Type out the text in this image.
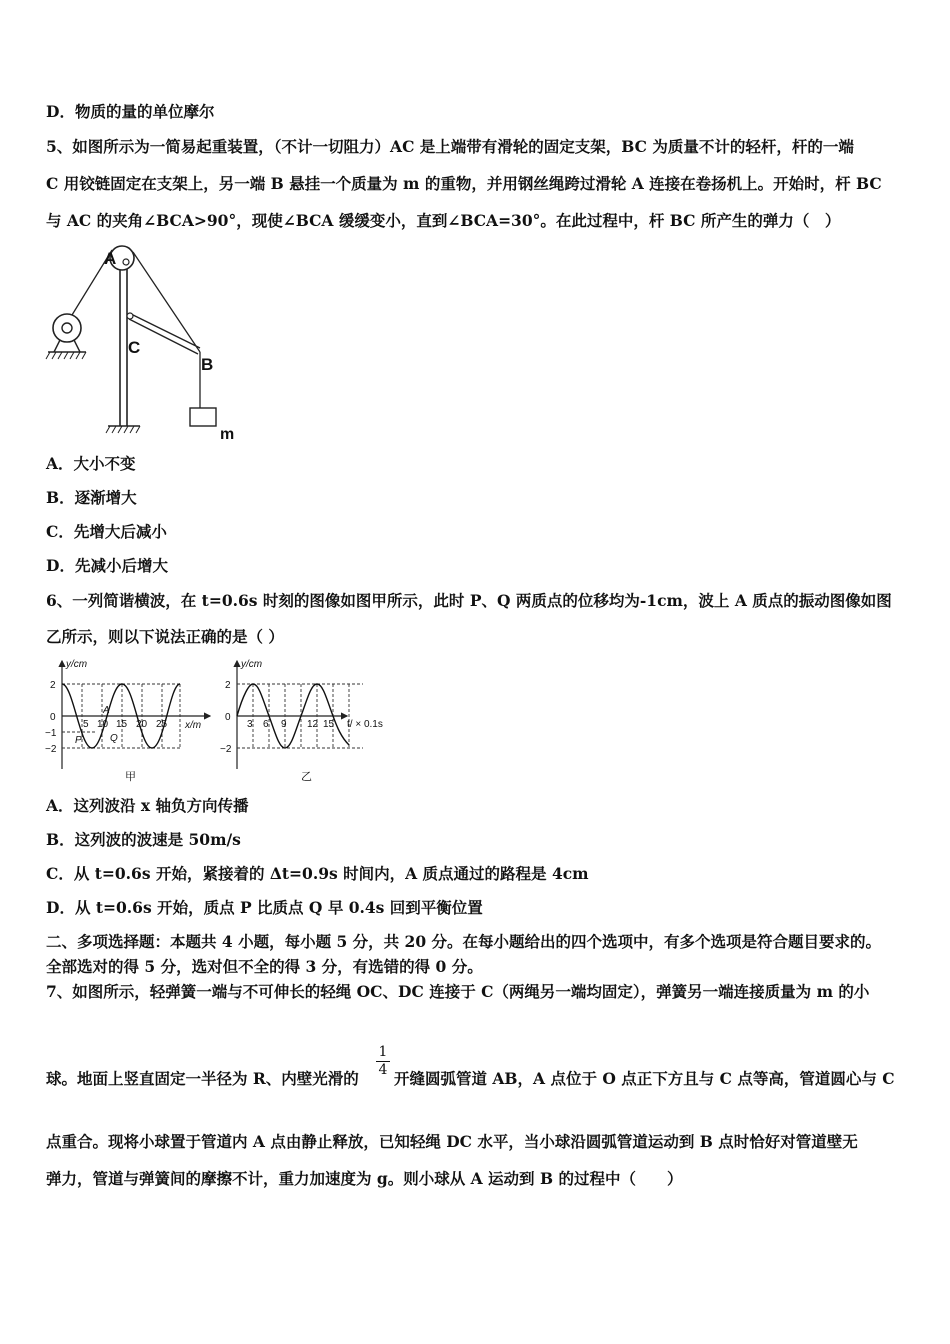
D．物质的量的单位摩尔
5、如图所示为一简易起重装置，（不计一切阻力）AC 是上端带有滑轮的固定支架，BC 为质量不计的轻杆，杆的一端
C 用铰链固定在支架上，另一端 B 悬挂一个质量为 m 的重物，并用钢丝绳跨过滑轮 A 连接在卷扬机上。开始时，杆 BC
与 AC 的夹角∠BCA>90°，现使∠BCA 缓缓变小，直到∠BCA=30°。在此过程中，杆 BC 所产生的弹力（　）
A
C
B
m
A．大小不变
B．逐渐增大
C．先增大后减小
D．先减小后增大
6、一列简谐横波，在 t=0.6s 时刻的图像如图甲所示，此时 P、Q 两质点的位移均为-1cm，波上 A 质点的振动图像如图
乙所示，则以下说法正确的是（ ）
y/cm
x/m
2
0
−1
−2
5 10 15 20 25
A
P	Q
甲
y/cm
t/ × 0.1s
2
0
−2
3 6 9 12 15
乙
A．这列波沿 x 轴负方向传播
B．这列波的波速是 50m/s
C．从 t=0.6s 开始，紧接着的 Δt=0.9s 时间内，A 质点通过的路程是 4cm
D．从 t=0.6s 开始，质点 P 比质点 Q 早 0.4s 回到平衡位置
二、多项选择题：本题共 4 小题，每小题 5 分，共 20 分。在每小题给出的四个选项中，有多个选项是符合题目要求的。
全部选对的得 5 分，选对但不全的得 3 分，有选错的得 0 分。
7、如图所示，轻弹簧一端与不可伸长的轻绳 OC、DC 连接于 C（两绳另一端均固定），弹簧另一端连接质量为 m 的小
球。地面上竖直固定一半径为 R、内壁光滑的
$\frac{1}{4}$
开缝圆弧管道 AB，A 点位于 O 点正下方且与 C 点等高，管道圆心与 C
点重合。现将小球置于管道内 A 点由静止释放，已知轻绳 DC 水平，当小球沿圆弧管道运动到 B 点时恰好对管道壁无
弹力，管道与弹簧间的摩擦不计，重力加速度为 g。则小球从 A 运动到 B 的过程中（　　）
